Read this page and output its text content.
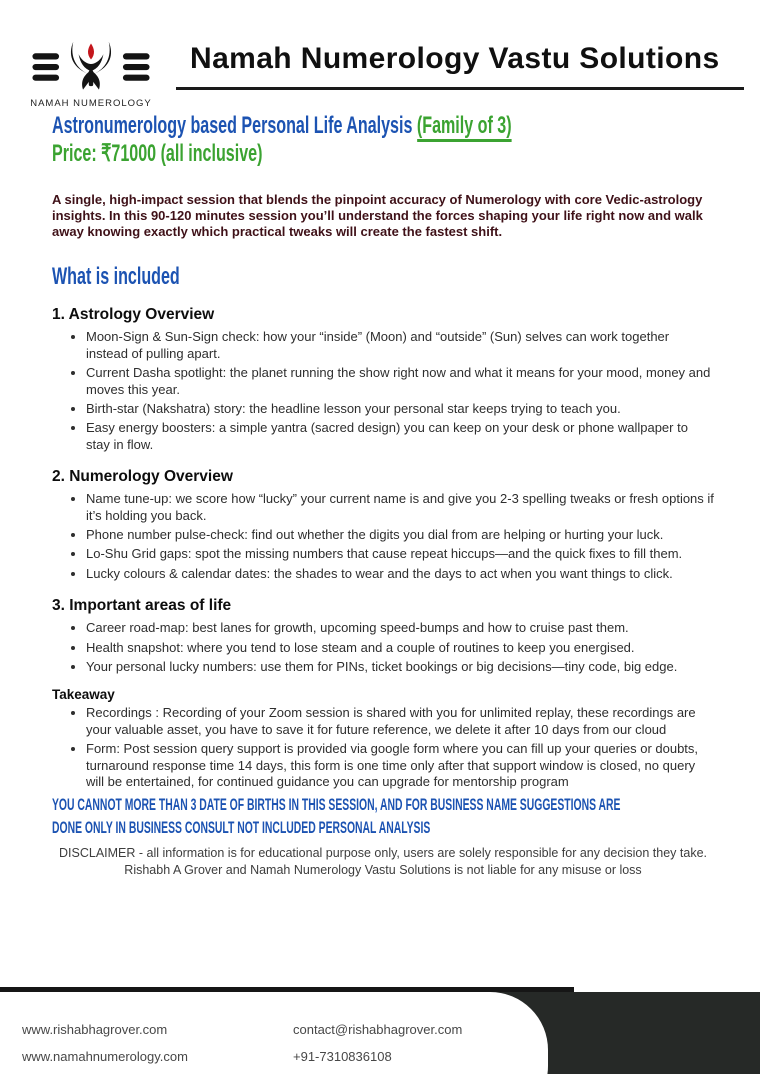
NAMAH NUMEROLOGY
Namah Numerology Vastu Solutions
Astronumerology based Personal Life Analysis (Family of 3)
Price: ₹71000 (all inclusive)

A single, high-impact session that blends the pinpoint accuracy of Numerology with core Vedic-astrology insights. In this 90-120 minutes session you’ll understand the forces shaping your life right now and walk away knowing exactly which practical tweaks will create the fastest shift.

What is included
1. Astrology Overview
• Moon-Sign & Sun-Sign check: how your “inside” (Moon) and “outside” (Sun) selves can work together instead of pulling apart.
• Current Dasha spotlight: the planet running the show right now and what it means for your mood, money and moves this year.
• Birth-star (Nakshatra) story: the headline lesson your personal star keeps trying to teach you.
• Easy energy boosters: a simple yantra (sacred design) you can keep on your desk or phone wallpaper to stay in flow.
2. Numerology Overview
• Name tune-up: we score how “lucky” your current name is and give you 2-3 spelling tweaks or fresh options if it’s holding you back.
• Phone number pulse-check: find out whether the digits you dial from are helping or hurting your luck.
• Lo-Shu Grid gaps: spot the missing numbers that cause repeat hiccups—and the quick fixes to fill them.
• Lucky colours & calendar dates: the shades to wear and the days to act when you want things to click.
3. Important areas of life
• Career road-map: best lanes for growth, upcoming speed-bumps and how to cruise past them.
• Health snapshot: where you tend to lose steam and a couple of routines to keep you energised.
• Your personal lucky numbers: use them for PINs, ticket bookings or big decisions—tiny code, big edge.
Takeaway
• Recordings : Recording of your Zoom session is shared with you for unlimited replay, these recordings are your valuable asset, you have to save it for future reference, we delete it after 10 days from our cloud
• Form: Post session query support is provided via google form where you can fill up your queries or doubts, turnaround response time 14 days, this form is one time only after that support window is closed, no query will be entertained, for continued guidance you can upgrade for mentorship program
YOU CANNOT MORE THAN 3 DATE OF BIRTHS IN THIS SESSION, AND FOR BUSINESS NAME SUGGESTIONS ARE
DONE ONLY IN BUSINESS CONSULT NOT INCLUDED PERSONAL ANALYSIS
DISCLAIMER - all information is for educational purpose only, users are solely responsible for any decision they take.
Rishabh A Grover and Namah Numerology Vastu Solutions is not liable for any misuse or loss
www.rishabhagrover.com
www.namahnumerology.com
contact@rishabhagrover.com
+91-7310836108
